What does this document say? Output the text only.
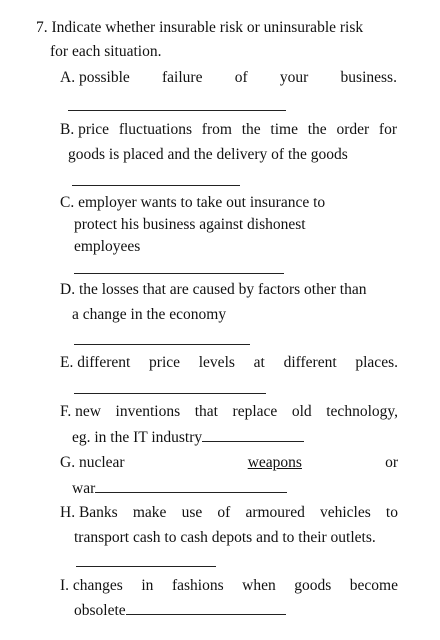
7. Indicate whether insurable risk or uninsurable risk
for each situation.
A. possible failure of your business.
B. price fluctuations from the time the order for
goods is placed and the delivery of the goods
C. employer wants to take out insurance to
protect his business against dishonest
employees
D. the losses that are caused by factors other than
a change in the economy
E. different price levels at different places.
F. new inventions that replace old technology,
eg. in the IT industry
G. nuclear	weapons	or
war
H. Banks make use of armoured vehicles to
transport cash to cash depots and to their outlets.
I. changes in fashions when goods become
obsolete
